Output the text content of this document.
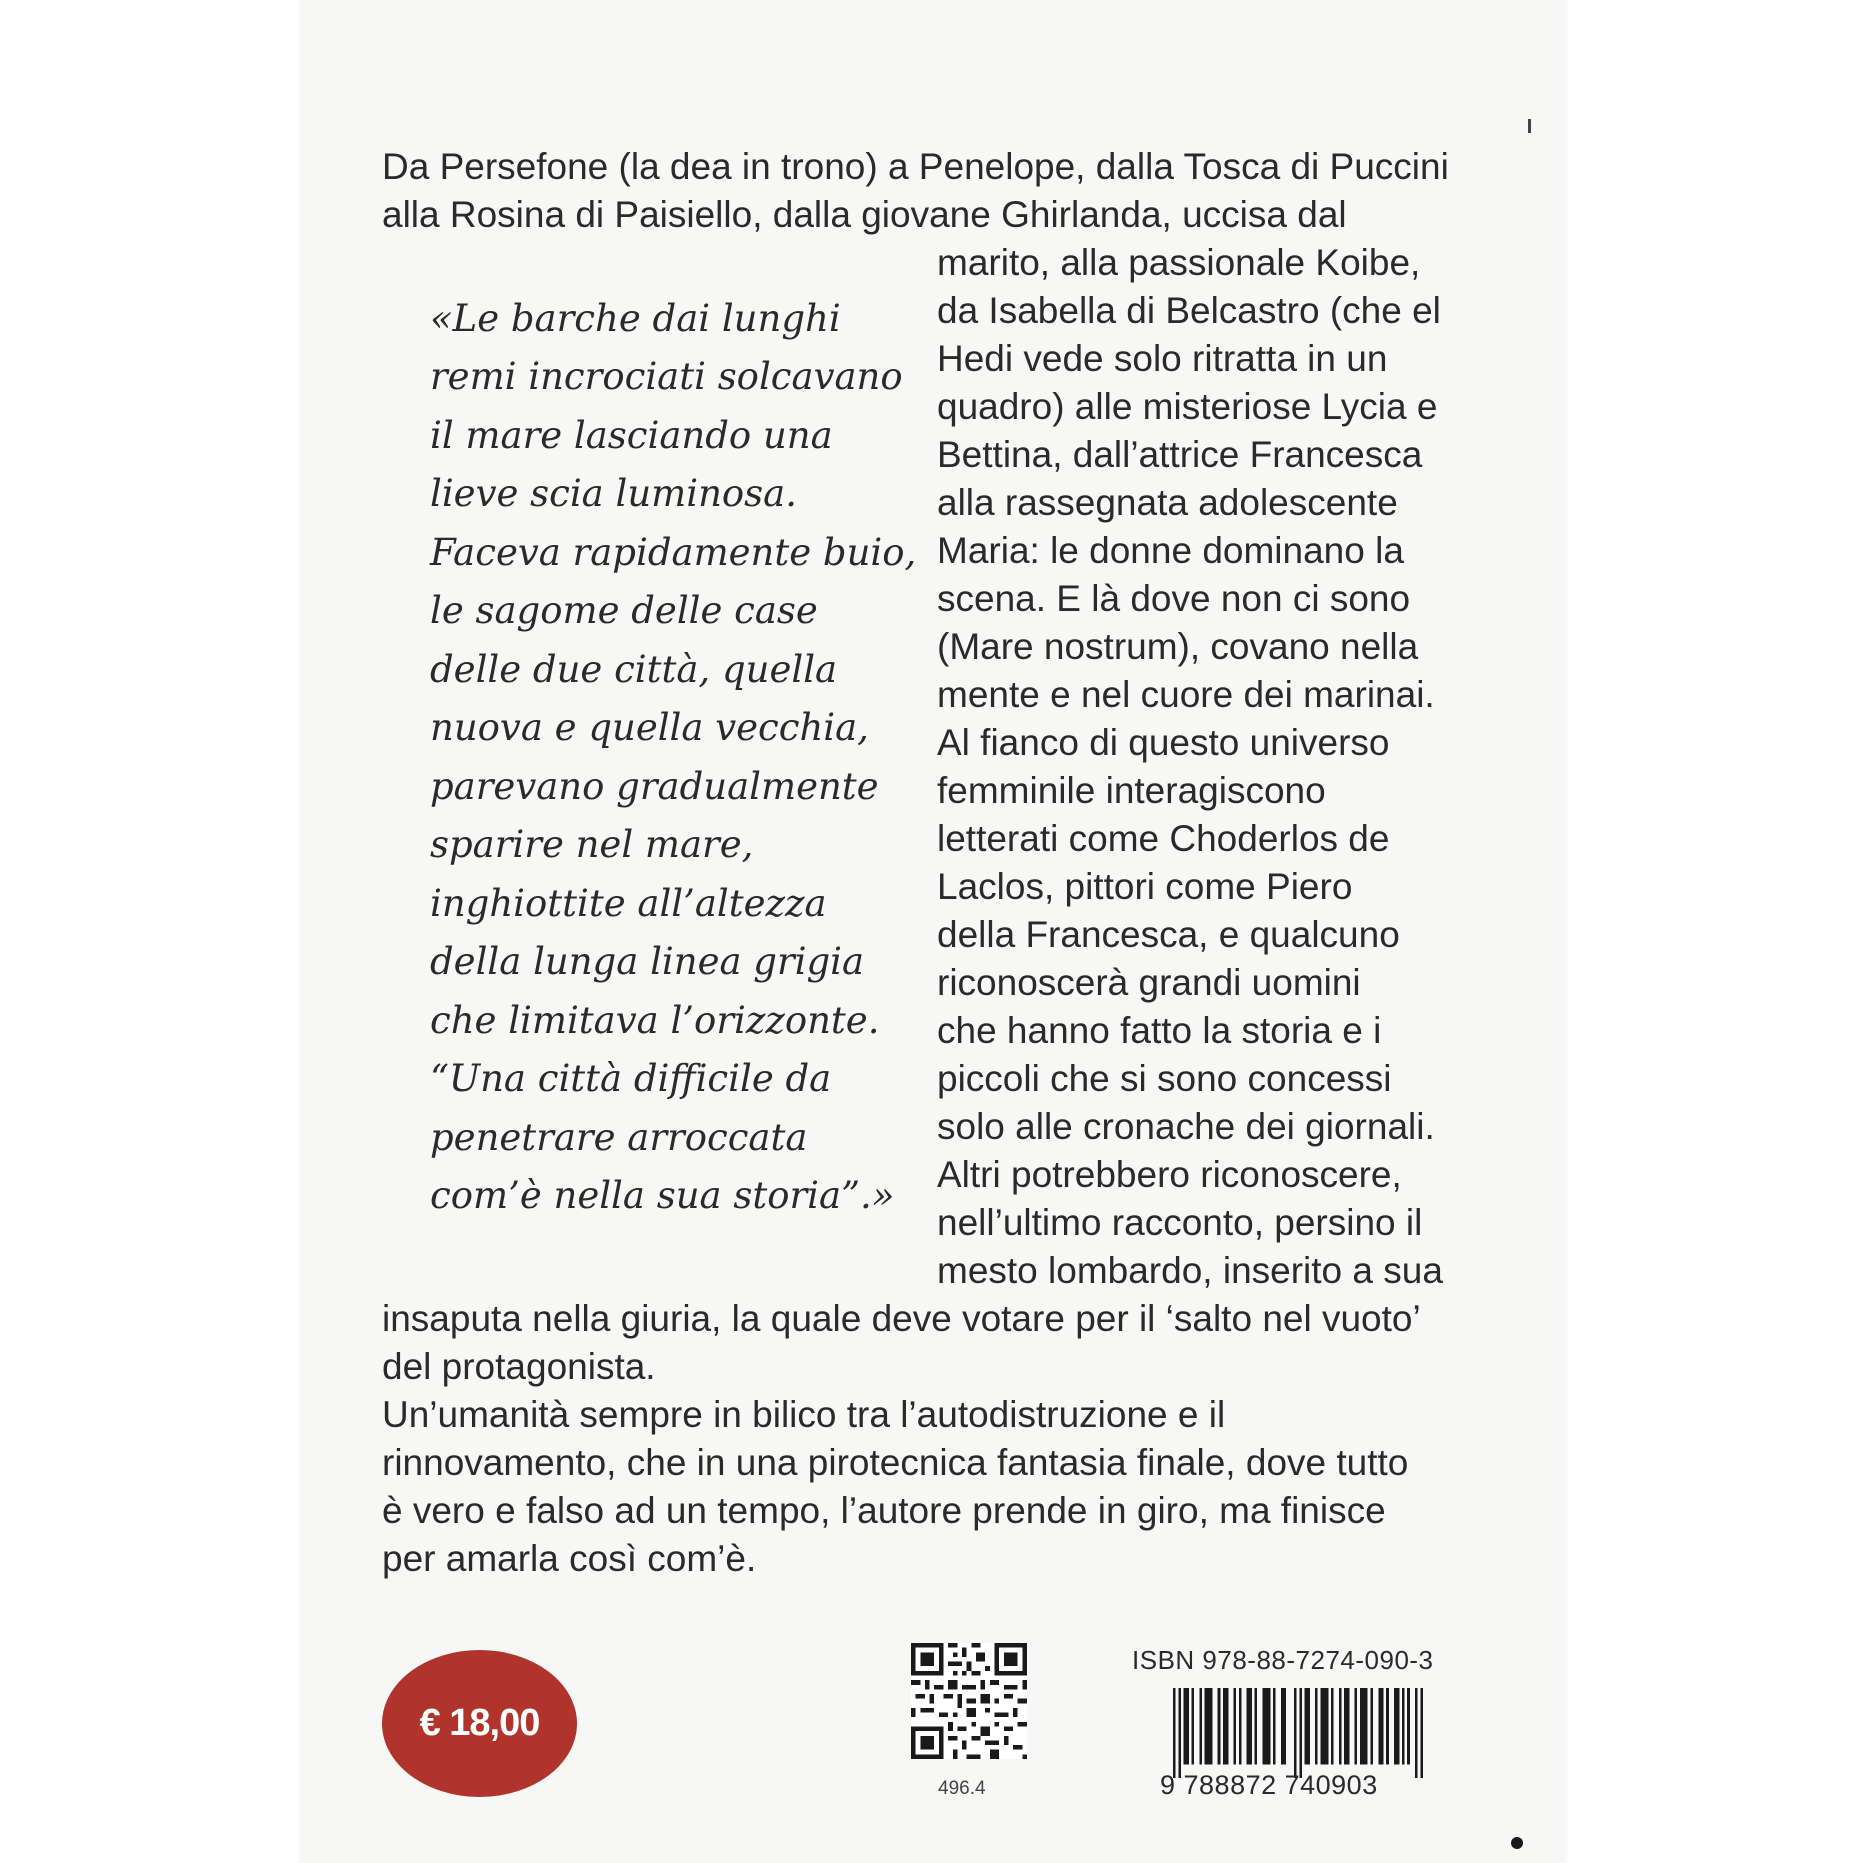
Da Persefone (la dea in trono) a Penelope, dalla Tosca di Puccini
alla Rosina di Paisiello, dalla giovane Ghirlanda, uccisa dal
marito, alla passionale Koibe,
da Isabella di Belcastro (che el
Hedi vede solo ritratta in un
quadro) alle misteriose Lycia e
Bettina, dall’attrice Francesca
alla rassegnata adolescente
Maria: le donne dominano la
scena. E là dove non ci sono
(Mare nostrum), covano nella
mente e nel cuore dei marinai.
Al fianco di questo universo
femminile interagiscono
letterati come Choderlos de
Laclos, pittori come Piero
della Francesca, e qualcuno
riconoscerà grandi uomini
che hanno fatto la storia e i
piccoli che si sono concessi
solo alle cronache dei giornali.
Altri potrebbero riconoscere,
nell’ultimo racconto, persino il
mesto lombardo, inserito a sua
insaputa nella giuria, la quale deve votare per il ‘salto nel vuoto’
del protagonista.
Un’umanità sempre in bilico tra l’autodistruzione e il
rinnovamento, che in una pirotecnica fantasia finale, dove tutto
è vero e falso ad un tempo, l’autore prende in giro, ma finisce
per amarla così com’è.
«Le barche dai lunghi
remi incrociati solcavano
il mare lasciando una
lieve scia luminosa.
Faceva rapidamente buio,
le sagome delle case
delle due città, quella
nuova e quella vecchia,
parevano gradualmente
sparire nel mare,
inghiottite all’altezza
della lunga linea grigia
che limitava l’orizzonte.
“Una città difficile da
penetrare arroccata
com’è nella sua storia”.»
€ 18,00
496.4
ISBN 978-88-7274-090-3
9 788872 740903
